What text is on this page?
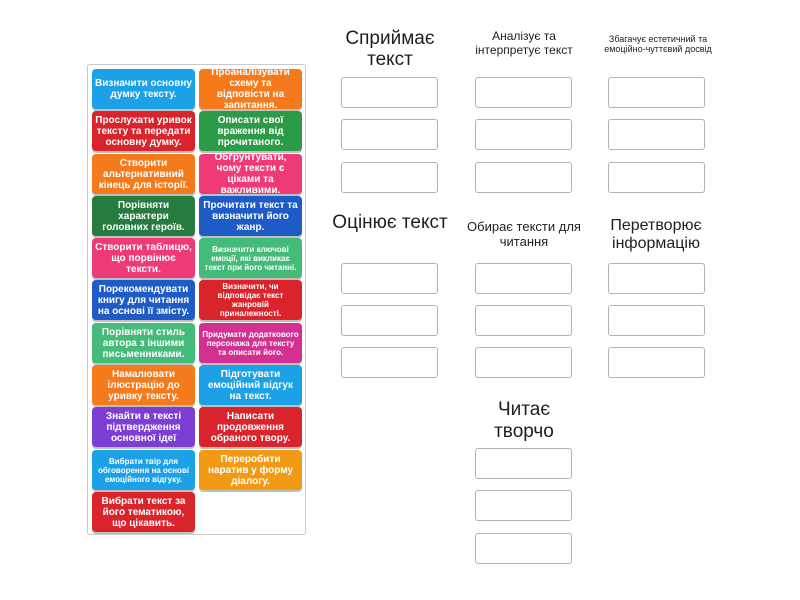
Визначити основну думку тексту.
Проаналізувати схему та відповісти на запитання.
Прослухати уривок тексту та передати основну думку.
Описати свої враження від прочитаного.
Створити альтернативний кінець для історії.
Обґрунтувати, чому тексти є ціками та важливими.
Порівняти характери головних героїв.
Прочитати текст та визначити його жанр.
Створити таблицю, що порвінює тексти.
Визначити ключові емоції, які викликає текст при його читанні.
Порекомендувати книгу для читання на основі її змісту.
Визначити, чи відповідає текст жанровій приналежності.
Порівняти стиль автора з іншими письменниками.
Придумати додаткового персонажа для тексту та описати його.
Намалювати ілюстрацію до уривку тексту.
Підготувати емоційний відгук на текст.
Знайти в тексті підтвердження основної ідеї
Написати продовження обраного твору.
Вибрати твір для обговорення на основі емоційного відгуку.
Переробити наратив у форму діалогу.
Вибрати текст за його тематикою, що цікавить.
Сприймає текст
Аналізує та інтерпретує текст
Збагачує естетичний та емоційно-чуттєвий досвід
Оцінює текст Обирає тексти для читання
Перетворює інформацію
Читає творчо
